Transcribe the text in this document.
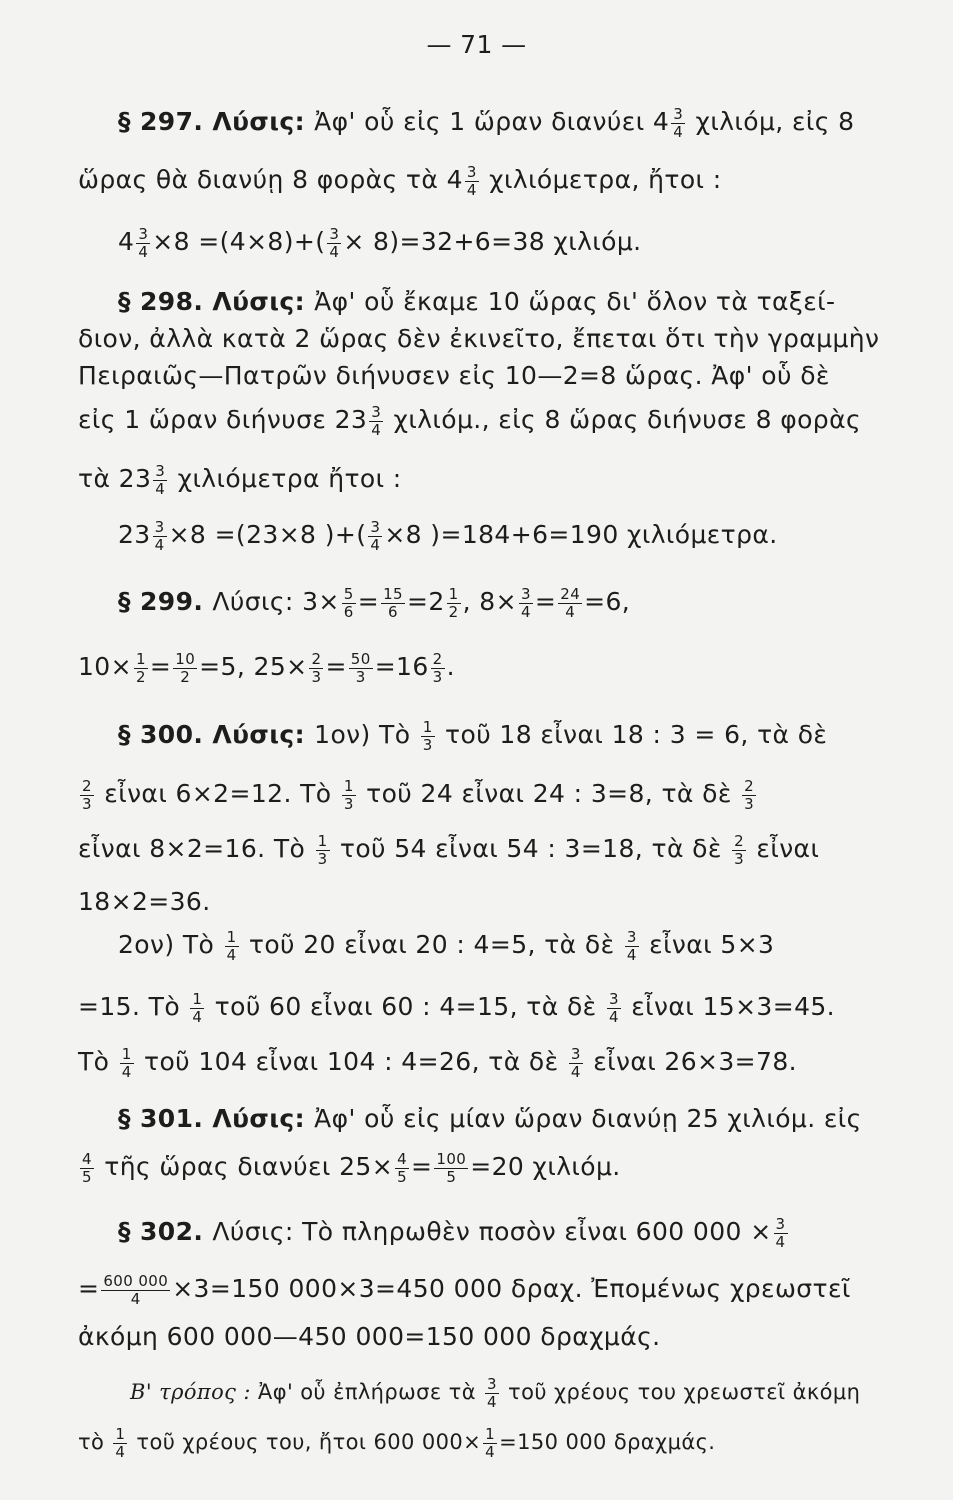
— 71 —
§ 297. Λύσις: Ἀφ' οὗ εἰς 1 ὥραν διανύει $4 \frac{3}{4} \chi\iota\lambda\iota ό\mu$, εἰς 8
ὥρας θὰ διανύῃ 8 φορὰς τὰ $4 \frac{3}{4} \chi\iota\lambda\iota ό\mu\varepsilon\tau\rho\alpha$, ἤτοι :
$4 \frac{3}{4} \times 8 =(4\times 8)+( \frac{3}{4} \times 8)=32+6=38$ χιλιόμ.
§ 298. Λύσις: Ἀφ' οὗ ἔκαμε 10 ὥρας δι' ὅλον τὰ ταξεί-
διον, ἀλλὰ κατὰ 2 ὥρας δὲν ἐκινεῖτο, ἔπεται ὅτι τὴν γραμμὴν
Πειραιῶς—Πατρῶν διήνυσεν εἰς 10—2=8 ὥρας. Ἀφ' οὗ δὲ
εἰς 1 ὥραν διήνυσε $23 \frac{3}{4} \chi\iota\lambda\iota ό\mu$., εἰς 8 ὥρας διήνυσε 8 φορὰς
τὰ $23 \frac{3}{4}$ χιλιόμετρα ἤτοι :
$23 \frac{3}{4} \times 8 =(23\times 8$ )+( $\frac{3}{4} \times 8$ )=184+6=190 χιλιόμετρα.
§ 299. Λύσις: $3\times \frac{5}{6} = \frac{15}{6} =2 \frac{1}{2}$ , $8\times \frac{3}{4} = \frac{24}{4} =6$,
$10\times \frac{1}{2} = \frac{10}{2} =5$, $25\times \frac{2}{3} = \frac{50}{3} =16 \frac{2}{3}$ .
§ 300. Λύσις: 1ον) Τὸ $\frac{1}{3}$ τοῦ 18 εἶναι 18 : 3 = 6, τὰ δὲ
$\frac{2}{3}$ εἶναι 6×2=12. Τὸ $\frac{1}{3}$ τοῦ 24 εἶναι 24 : 3=8, τὰ δὲ $\frac{2}{3}$
εἶναι 8×2=16. Τὸ $\frac{1}{3}$ τοῦ 54 εἶναι 54 : 3=18, τὰ δὲ $\frac{2}{3}$ εἶναι
18×2=36.
2ον) Τὸ $\frac{1}{4}$ τοῦ 20 εἶναι 20 : 4=5, τὰ δὲ $\frac{3}{4}$ εἶναι 5×3
=15. Τὸ $\frac{1}{4}$ τοῦ 60 εἶναι 60 : 4=15, τὰ δὲ $\frac{3}{4}$ εἶναι 15×3=45.
Τὸ $\frac{1}{4}$ τοῦ 104 εἶναι 104 : 4=26, τὰ δὲ $\frac{3}{4}$ εἶναι 26×3=78.
§ 301. Λύσις: Ἀφ' οὗ εἰς μίαν ὥραν διανύῃ 25 χιλιόμ. εἰς
$\frac{4}{5}$ τῆς ὥρας διανύει $25\times \frac{4}{5} = \frac{100}{5} =20$ χιλιόμ.
§ 302. Λύσις: Τὸ πληρωθὲν ποσὸν εἶναι 600 $000 \times \frac{3}{4}$
= $\frac{600 000}{4} \times 3=150$ 000×3=450 000 δραχ. Ἐπομένως χρεωστεῖ
ἀκόμη 600 000—450 000=150 000 δραχμάς.
Β' τρόπος : Ἀφ' οὗ ἐπλήρωσε τὰ $\frac{3}{4}$ τοῦ χρέους του χρεωστεῖ ἀκόμη
τὸ $\frac{1}{4}$ τοῦ χρέους του, ἤτοι 600 $000\times \frac{1}{4} =150$ 000 δραχμάς.
